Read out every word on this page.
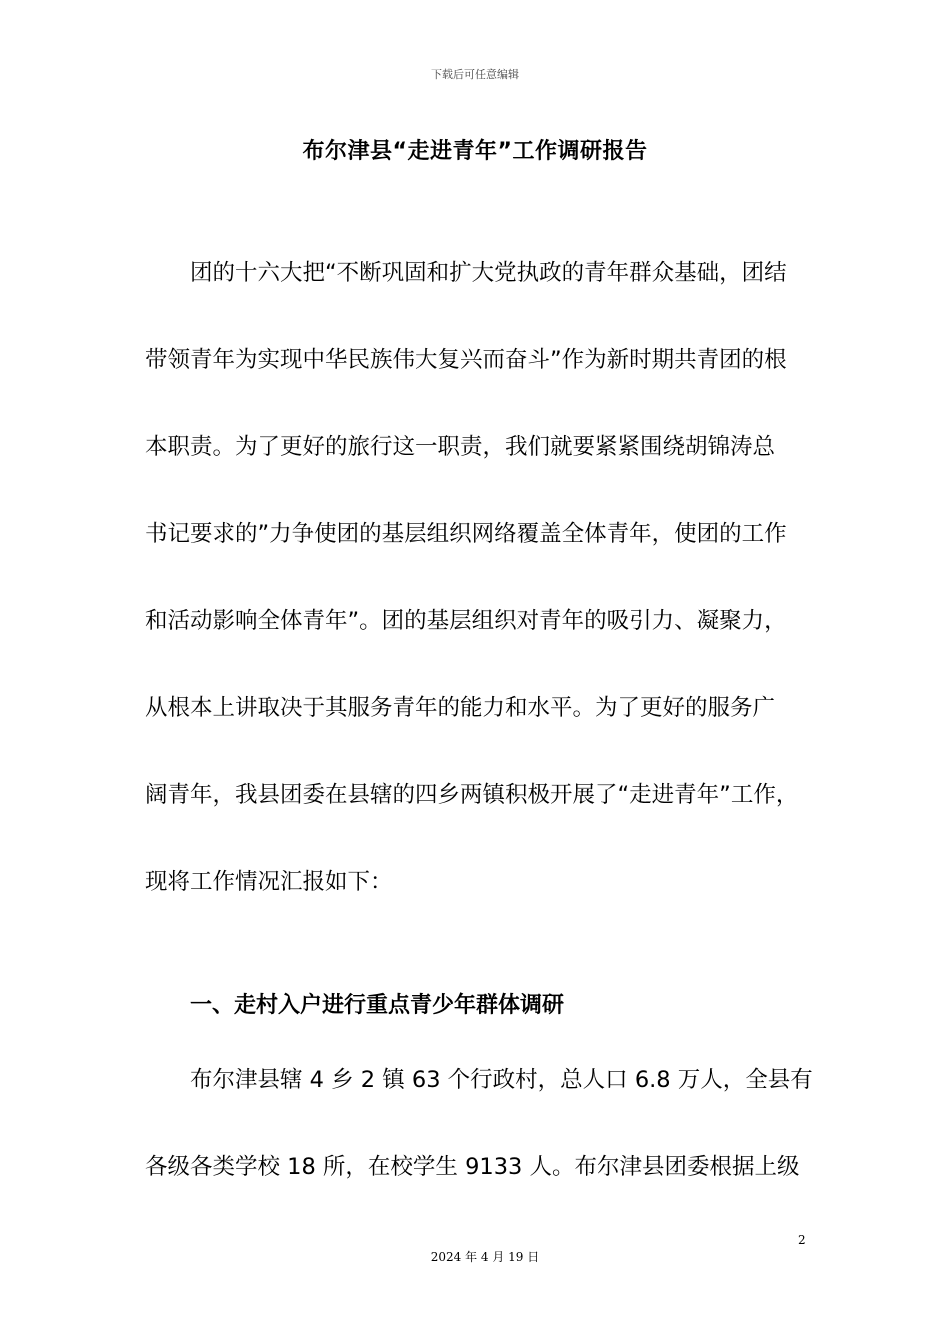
下载后可任意编辑
布尔津县“走进青年”工作调研报告
　　团的十六大把“不断巩固和扩大党执政的青年群众基础，团结
带领青年为实现中华民族伟大复兴而奋斗”作为新时期共青团的根
本职责。为了更好的旅行这一职责，我们就要紧紧围绕胡锦涛总
书记要求的”力争使团的基层组织网络覆盖全体青年，使团的工作
和活动影响全体青年”。团的基层组织对青年的吸引力、凝聚力，
从根本上讲取决于其服务青年的能力和水平。为了更好的服务广
阔青年，我县团委在县辖的四乡两镇积极开展了“走进青年”工作，
现将工作情况汇报如下：
一、走村入户进行重点青少年群体调研
　　布尔津县辖 4 乡 2 镇 63 个行政村，总人口 6.8 万人，全县有
各级各类学校 18 所，在校学生 9133 人。布尔津县团委根据上级
2
2024 年 4 月 19 日
